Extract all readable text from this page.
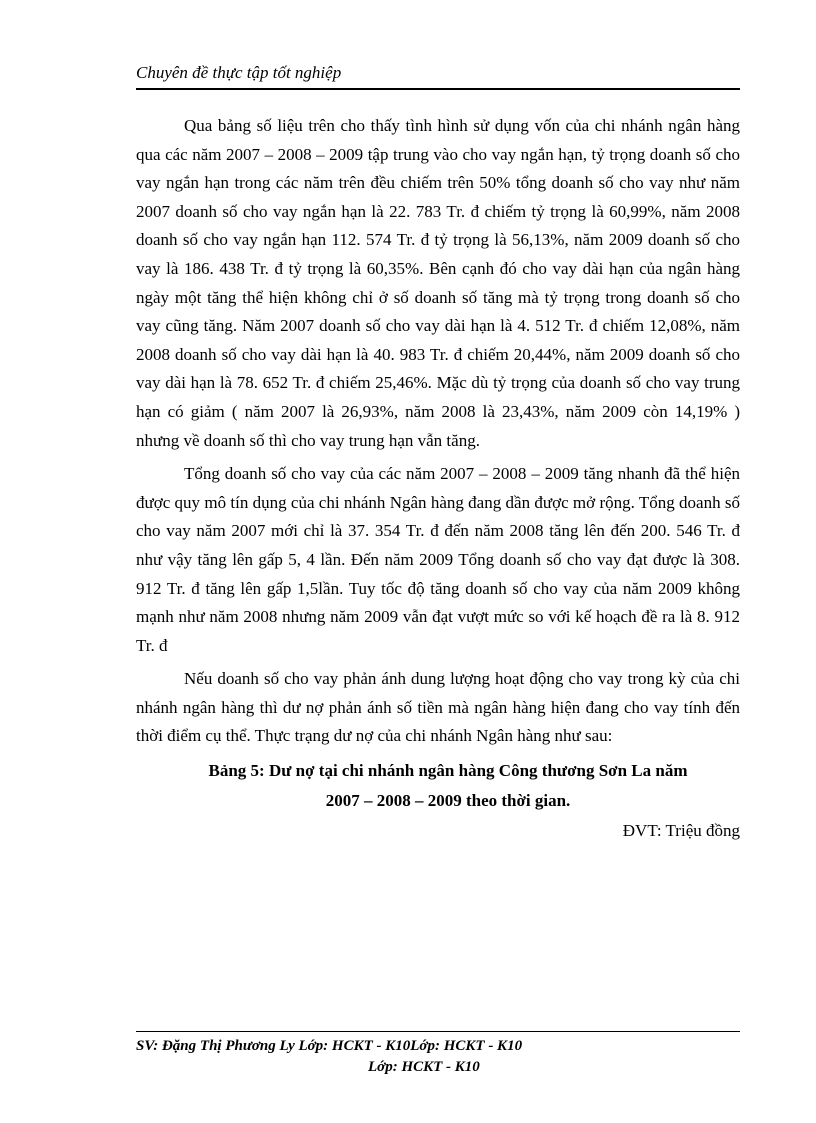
Chuyên đề thực tập tốt nghiệp

Qua bảng số liệu trên cho thấy tình hình sử dụng vốn của chi nhánh ngân hàng qua các năm 2007 – 2008 – 2009 tập trung vào cho vay ngắn hạn, tỷ trọng doanh số cho vay ngắn hạn trong các năm trên đều chiếm trên 50% tổng doanh số cho vay như năm 2007 doanh số cho vay ngắn hạn là 22. 783 Tr. đ chiếm tỷ trọng là 60,99%, năm 2008 doanh số cho vay ngắn hạn 112. 574 Tr. đ tỷ trọng là 56,13%, năm 2009 doanh số cho vay là 186. 438 Tr. đ tỷ trọng là 60,35%. Bên cạnh đó cho vay dài hạn của ngân hàng ngày một tăng thể hiện không chỉ ở số doanh số tăng mà tỷ trọng trong doanh số cho vay cũng tăng. Năm 2007 doanh số cho vay dài hạn là 4. 512 Tr. đ chiếm 12,08%, năm 2008 doanh số cho vay dài hạn là 40. 983 Tr. đ chiếm 20,44%, năm 2009 doanh số cho vay dài hạn là 78. 652 Tr. đ chiếm 25,46%. Mặc dù tỷ trọng của doanh số cho vay trung hạn có giảm ( năm 2007 là 26,93%, năm 2008 là 23,43%, năm 2009 còn 14,19% ) nhưng về doanh số thì cho vay trung hạn vẫn tăng.

Tổng doanh số cho vay của các năm 2007 – 2008 – 2009 tăng nhanh đã thể hiện được quy mô tín dụng của chi nhánh Ngân hàng đang dần được mở rộng. Tổng doanh số cho vay năm 2007 mới chỉ là 37. 354 Tr. đ đến năm 2008 tăng lên đến 200. 546 Tr. đ như vậy tăng lên gấp 5, 4 lần. Đến năm 2009 Tổng doanh số cho vay đạt được là 308. 912 Tr. đ tăng lên gấp 1,5lần. Tuy tốc độ tăng doanh số cho vay của năm 2009 không mạnh như năm 2008 nhưng năm 2009 vẫn đạt vượt mức so với kế hoạch đề ra là 8. 912 Tr. đ

Nếu doanh số cho vay phản ánh dung lượng hoạt động cho vay trong kỳ của chi nhánh ngân hàng thì dư nợ phản ánh số tiền mà ngân hàng hiện đang cho vay tính đến thời điểm cụ thể. Thực trạng dư nợ của chi nhánh Ngân hàng như sau:

Bảng 5: Dư nợ tại chi nhánh ngân hàng Công thương Sơn La năm
2007 – 2008 – 2009 theo thời gian.
ĐVT: Triệu đồng
SV: Đặng Thị Phương Ly Lớp: HCKT - K10Lớp: HCKT - K10
Lớp: HCKT - K10
